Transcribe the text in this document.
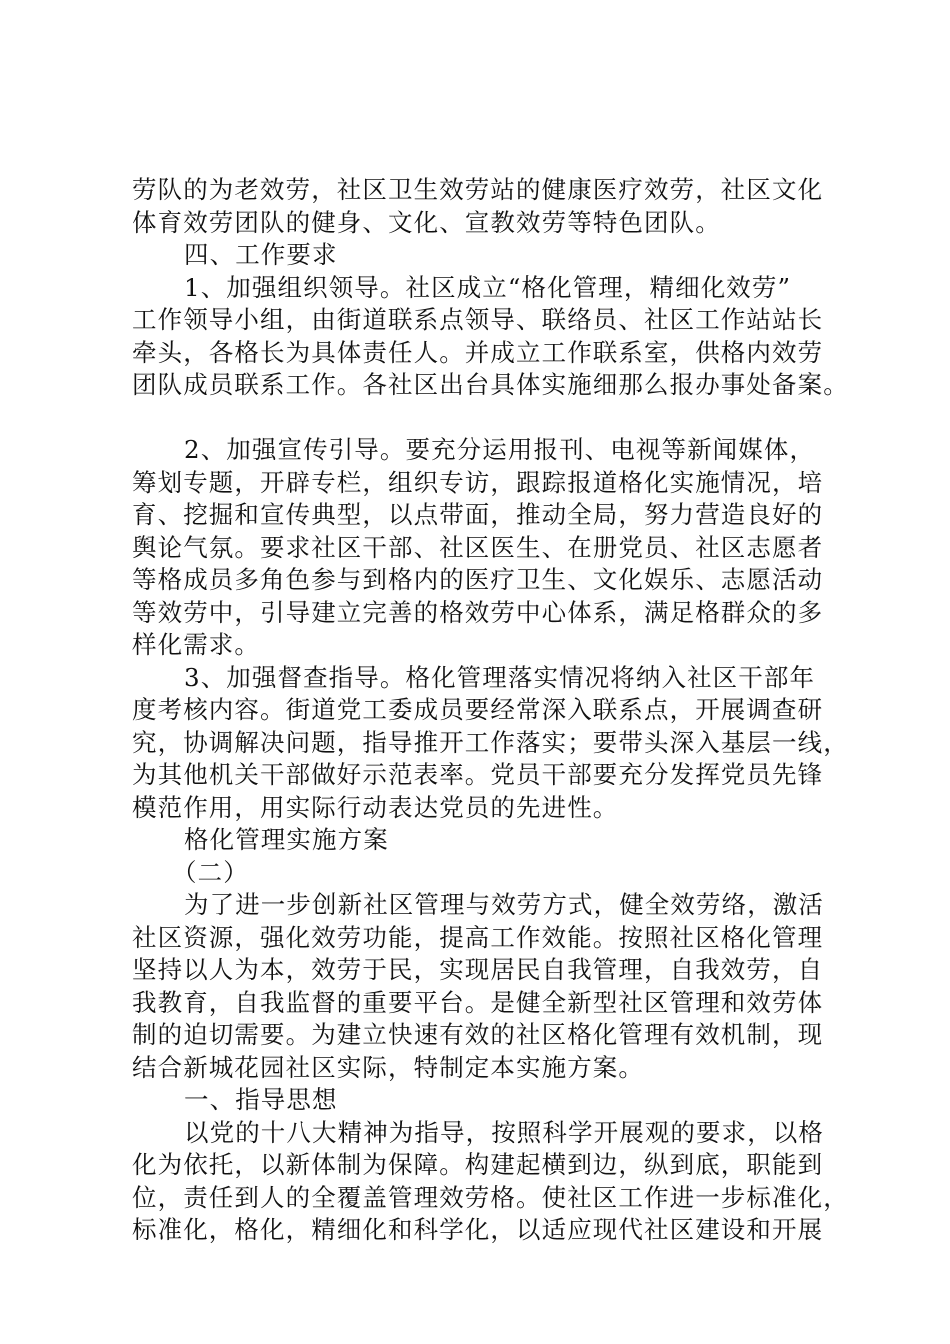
劳队的为老效劳，社区卫生效劳站的健康医疗效劳，社区文化
体育效劳团队的健身、文化、宣教效劳等特色团队。
四、工作要求
1、加强组织领导。社区成立“格化管理，精细化效劳”
工作领导小组，由街道联系点领导、联络员、社区工作站站长
牵头，各格长为具体责任人。并成立工作联系室，供格内效劳
团队成员联系工作。各社区出台具体实施细那么报办事处备案。
2、加强宣传引导。要充分运用报刊、电视等新闻媒体，
筹划专题，开辟专栏，组织专访，跟踪报道格化实施情况，培
育、挖掘和宣传典型，以点带面，推动全局，努力营造良好的
舆论气氛。要求社区干部、社区医生、在册党员、社区志愿者
等格成员多角色参与到格内的医疗卫生、文化娱乐、志愿活动
等效劳中，引导建立完善的格效劳中心体系，满足格群众的多
样化需求。
3、加强督查指导。格化管理落实情况将纳入社区干部年
度考核内容。街道党工委成员要经常深入联系点，开展调查研
究，协调解决问题，指导推开工作落实；要带头深入基层一线，
为其他机关干部做好示范表率。党员干部要充分发挥党员先锋
模范作用，用实际行动表达党员的先进性。
格化管理实施方案
（二）
为了进一步创新社区管理与效劳方式，健全效劳络，激活
社区资源，强化效劳功能，提高工作效能。按照社区格化管理
坚持以人为本，效劳于民，实现居民自我管理，自我效劳，自
我教育，自我监督的重要平台。是健全新型社区管理和效劳体
制的迫切需要。为建立快速有效的社区格化管理有效机制，现
结合新城花园社区实际，特制定本实施方案。
一、指导思想
以党的十八大精神为指导，按照科学开展观的要求，以格
化为依托，以新体制为保障。构建起横到边，纵到底，职能到
位，责任到人的全覆盖管理效劳格。使社区工作进一步标准化，
标准化，格化，精细化和科学化，以适应现代社区建设和开展
